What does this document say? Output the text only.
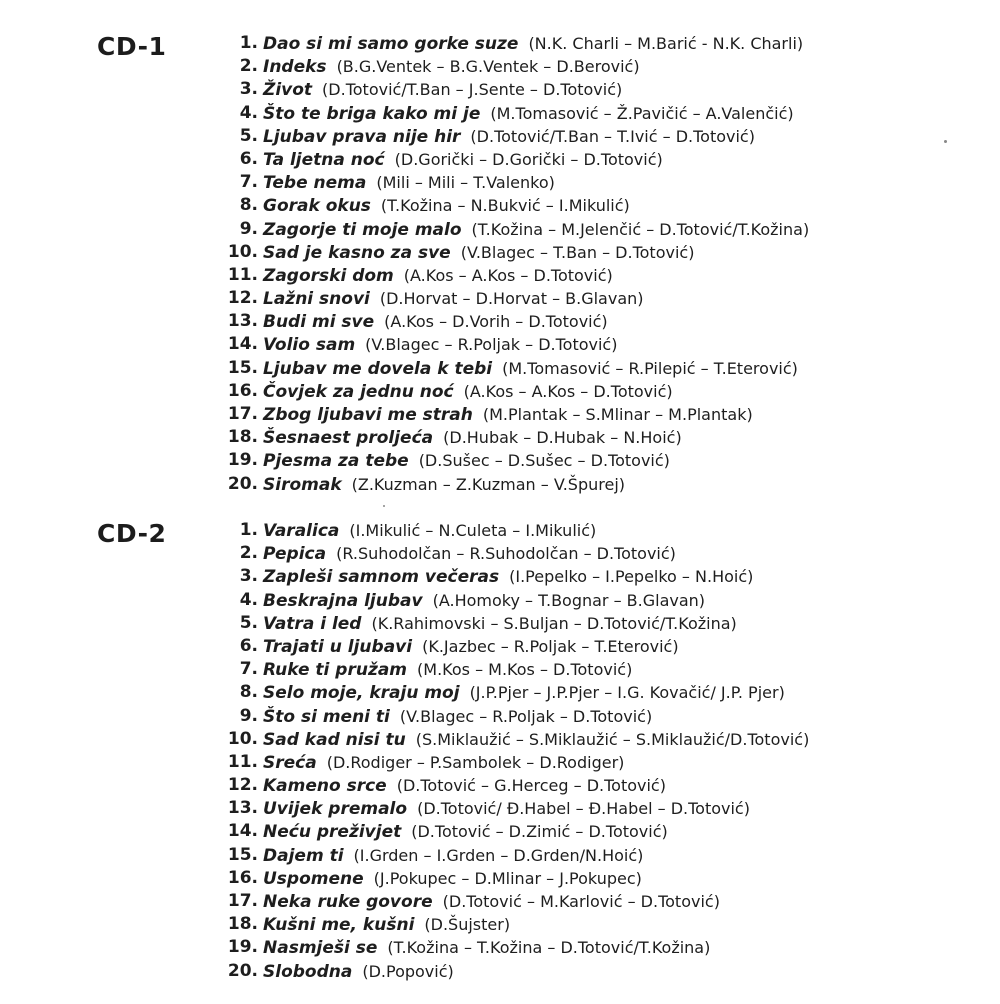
CD-1	1. Dao si mi samo gorke suze (N.K. Charli – M.Barić - N.K. Charli)
2. Indeks (B.G.Ventek – B.G.Ventek – D.Berović)
3. Život (D.Totović/T.Ban – J.Sente – D.Totović)
4. Što te briga kako mi je (M.Tomasović – Ž.Pavičić – A.Valenčić)
5. Ljubav prava nije hir (D.Totović/T.Ban – T.Ivić – D.Totović)
6. Ta ljetna noć (D.Gorički – D.Gorički – D.Totović)
7. Tebe nema (Mili – Mili – T.Valenko)
8. Gorak okus (T.Kožina – N.Bukvić – I.Mikulić)
9. Zagorje ti moje malo (T.Kožina – M.Jelenčić – D.Totović/T.Kožina)
10. Sad je kasno za sve (V.Blagec – T.Ban – D.Totović)
11. Zagorski dom (A.Kos – A.Kos – D.Totović)
12. Lažni snovi (D.Horvat – D.Horvat – B.Glavan)
13. Budi mi sve (A.Kos – D.Vorih – D.Totović)
14. Volio sam (V.Blagec – R.Poljak – D.Totović)
15. Ljubav me dovela k tebi (M.Tomasović – R.Pilepić – T.Eterović)
16. Čovjek za jednu noć (A.Kos – A.Kos – D.Totović)
17. Zbog ljubavi me strah (M.Plantak – S.Mlinar – M.Plantak)
18. Šesnaest proljeća (D.Hubak – D.Hubak – N.Hoić)
19. Pjesma za tebe (D.Sušec – D.Sušec – D.Totović)
20. Siromak (Z.Kuzman – Z.Kuzman – V.Špurej)
CD-2	1. Varalica (I.Mikulić – N.Culeta – I.Mikulić)
2. Pepica (R.Suhodolčan – R.Suhodolčan – D.Totović)
3. Zapleši samnom večeras (I.Pepelko – I.Pepelko – N.Hoić)
4. Beskrajna ljubav (A.Homoky – T.Bognar – B.Glavan)
5. Vatra i led (K.Rahimovski – S.Buljan – D.Totović/T.Kožina)
6. Trajati u ljubavi (K.Jazbec – R.Poljak – T.Eterović)
7. Ruke ti pružam (M.Kos – M.Kos – D.Totović)
8. Selo moje, kraju moj (J.P.Pjer – J.P.Pjer – I.G. Kovačić/ J.P. Pjer)
9. Što si meni ti (V.Blagec – R.Poljak – D.Totović)
10. Sad kad nisi tu (S.Miklaužić – S.Miklaužić – S.Miklaužić/D.Totović)
11. Sreća (D.Rodiger – P.Sambolek – D.Rodiger)
12. Kameno srce (D.Totović – G.Herceg – D.Totović)
13. Uvijek premalo (D.Totović/ Đ.Habel – Đ.Habel – D.Totović)
14. Neću preživjet (D.Totović – D.Zimić – D.Totović)
15. Dajem ti (I.Grden – I.Grden – D.Grden/N.Hoić)
16. Uspomene (J.Pokupec – D.Mlinar – J.Pokupec)
17. Neka ruke govore (D.Totović – M.Karlović – D.Totović)
18. Kušni me, kušni (D.Šujster)
19. Nasmješi se (T.Kožina – T.Kožina – D.Totović/T.Kožina)
20. Slobodna (D.Popović)
